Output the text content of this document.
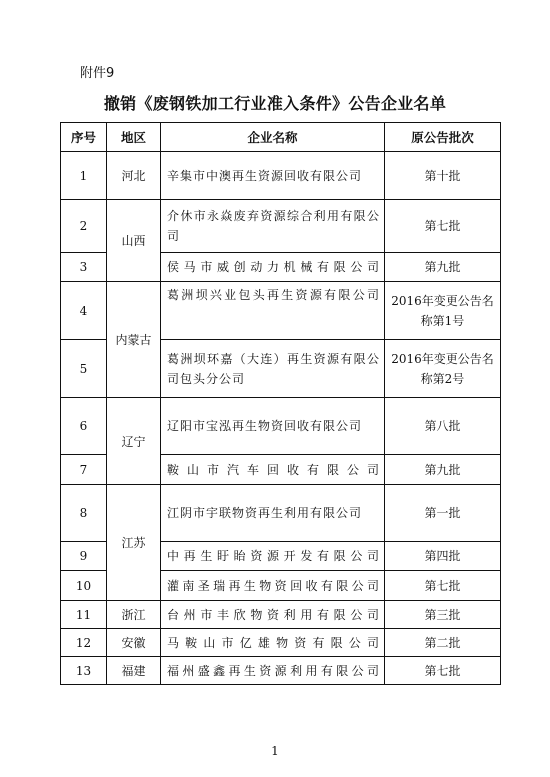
附件9
撤销《废钢铁加工行业准入条件》公告企业名单
序号	地区	企业名称	原公告批次
1	河北	辛集市中澳再生资源回收有限公司	第十批
2	山西	介休市永焱废弃资源综合利用有限公司	第七批
3		侯马市威创动力机械有限公司	第九批
4	内蒙古	葛洲坝兴业包头再生资源有限公司	2016年变更公告名称第1号
5		葛洲坝环嘉（大连）再生资源有限公司包头分公司	2016年变更公告名称第2号
6	辽宁	辽阳市宝泓再生物资回收有限公司	第八批
7		鞍山市汽车回收有限公司	第九批
8	江苏	江阴市宇联物资再生利用有限公司	第一批
9		中再生盱眙资源开发有限公司	第四批
10		灌南圣瑞再生物资回收有限公司	第七批
11	浙江	台州市丰欣物资利用有限公司	第三批
12	安徽	马鞍山市亿雄物资有限公司	第二批
13	福建	福州盛鑫再生资源利用有限公司	第七批
1
